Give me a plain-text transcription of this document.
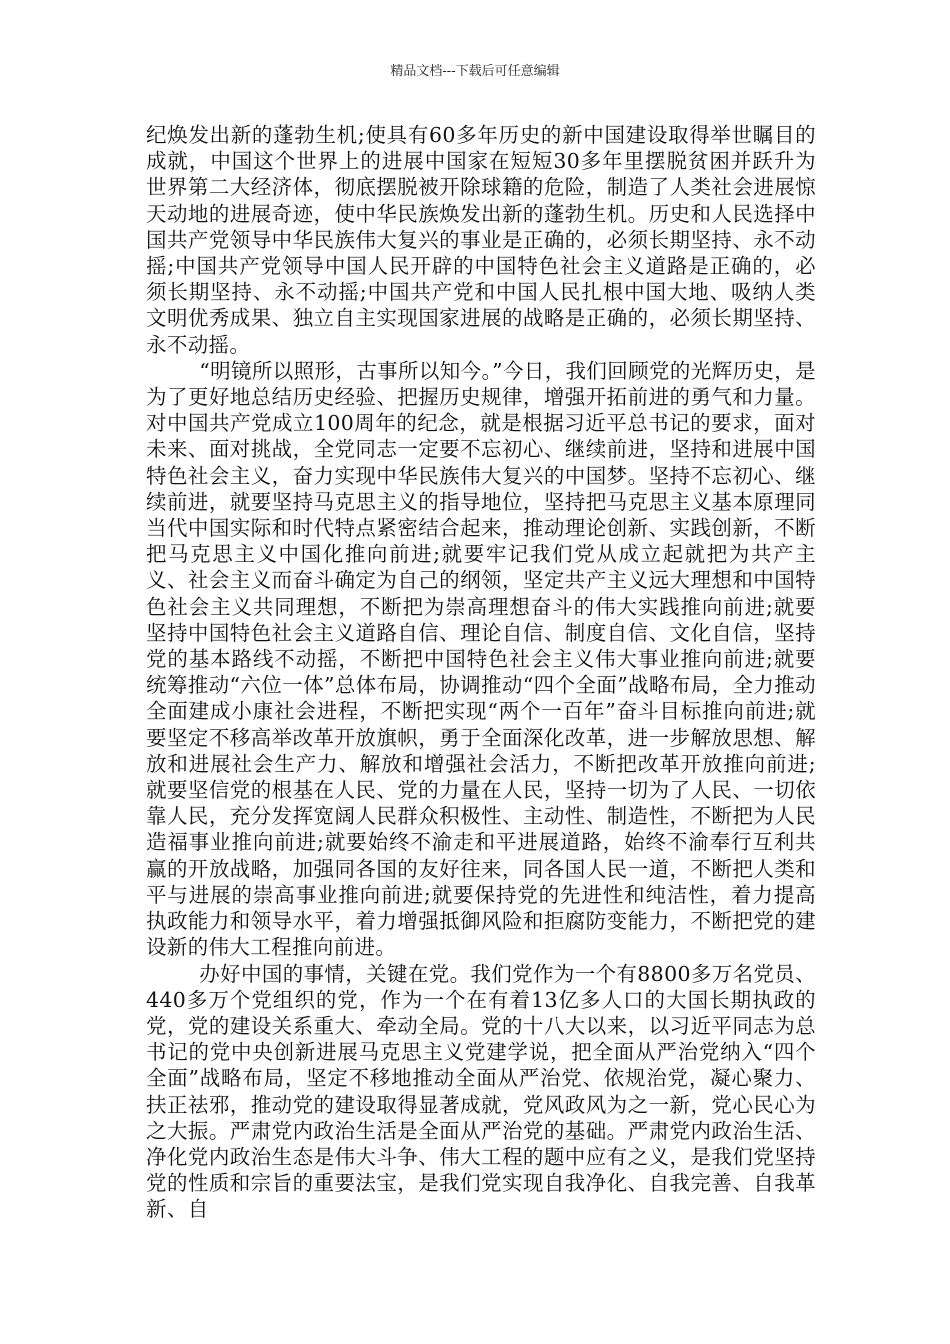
精品文档---下载后可任意编辑

纪焕发出新的蓬勃生机;使具有60多年历史的新中国建设取得举世瞩目的成就，中国这个世界上的进展中国家在短短30多年里摆脱贫困并跃升为世界第二大经济体，彻底摆脱被开除球籍的危险，制造了人类社会进展惊天动地的进展奇迹，使中华民族焕发出新的蓬勃生机。历史和人民选择中国共产党领导中华民族伟大复兴的事业是正确的，必须长期坚持、永不动摇;中国共产党领导中国人民开辟的中国特色社会主义道路是正确的，必须长期坚持、永不动摇;中国共产党和中国人民扎根中国大地、吸纳人类文明优秀成果、独立自主实现国家进展的战略是正确的，必须长期坚持、永不动摇。

“明镜所以照形，古事所以知今。”今日，我们回顾党的光辉历史，是为了更好地总结历史经验、把握历史规律，增强开拓前进的勇气和力量。对中国共产党成立100周年的纪念，就是根据习近平总书记的要求，面对未来、面对挑战，全党同志一定要不忘初心、继续前进，坚持和进展中国特色社会主义，奋力实现中华民族伟大复兴的中国梦。坚持不忘初心、继续前进，就要坚持马克思主义的指导地位，坚持把马克思主义基本原理同当代中国实际和时代特点紧密结合起来，推动理论创新、实践创新，不断把马克思主义中国化推向前进;就要牢记我们党从成立起就把为共产主义、社会主义而奋斗确定为自己的纲领，坚定共产主义远大理想和中国特色社会主义共同理想，不断把为崇高理想奋斗的伟大实践推向前进;就要坚持中国特色社会主义道路自信、理论自信、制度自信、文化自信，坚持党的基本路线不动摇，不断把中国特色社会主义伟大事业推向前进;就要统筹推动“六位一体”总体布局，协调推动“四个全面”战略布局，全力推动全面建成小康社会进程，不断把实现“两个一百年”奋斗目标推向前进;就要坚定不移高举改革开放旗帜，勇于全面深化改革，进一步解放思想、解放和进展社会生产力、解放和增强社会活力，不断把改革开放推向前进;就要坚信党的根基在人民、党的力量在人民，坚持一切为了人民、一切依靠人民，充分发挥宽阔人民群众积极性、主动性、制造性，不断把为人民造福事业推向前进;就要始终不渝走和平进展道路，始终不渝奉行互利共赢的开放战略，加强同各国的友好往来，同各国人民一道，不断把人类和平与进展的崇高事业推向前进;就要保持党的先进性和纯洁性，着力提高执政能力和领导水平，着力增强抵御风险和拒腐防变能力，不断把党的建设新的伟大工程推向前进。

办好中国的事情，关键在党。我们党作为一个有8800多万名党员、440多万个党组织的党，作为一个在有着13亿多人口的大国长期执政的党，党的建设关系重大、牵动全局。党的十八大以来，以习近平同志为总书记的党中央创新进展马克思主义党建学说，把全面从严治党纳入“四个全面”战略布局，坚定不移地推动全面从严治党、依规治党，凝心聚力、扶正祛邪，推动党的建设取得显著成就，党风政风为之一新，党心民心为之大振。严肃党内政治生活是全面从严治党的基础。严肃党内政治生活、净化党内政治生态是伟大斗争、伟大工程的题中应有之义，是我们党坚持党的性质和宗旨的重要法宝，是我们党实现自我净化、自我完善、自我革新、自
